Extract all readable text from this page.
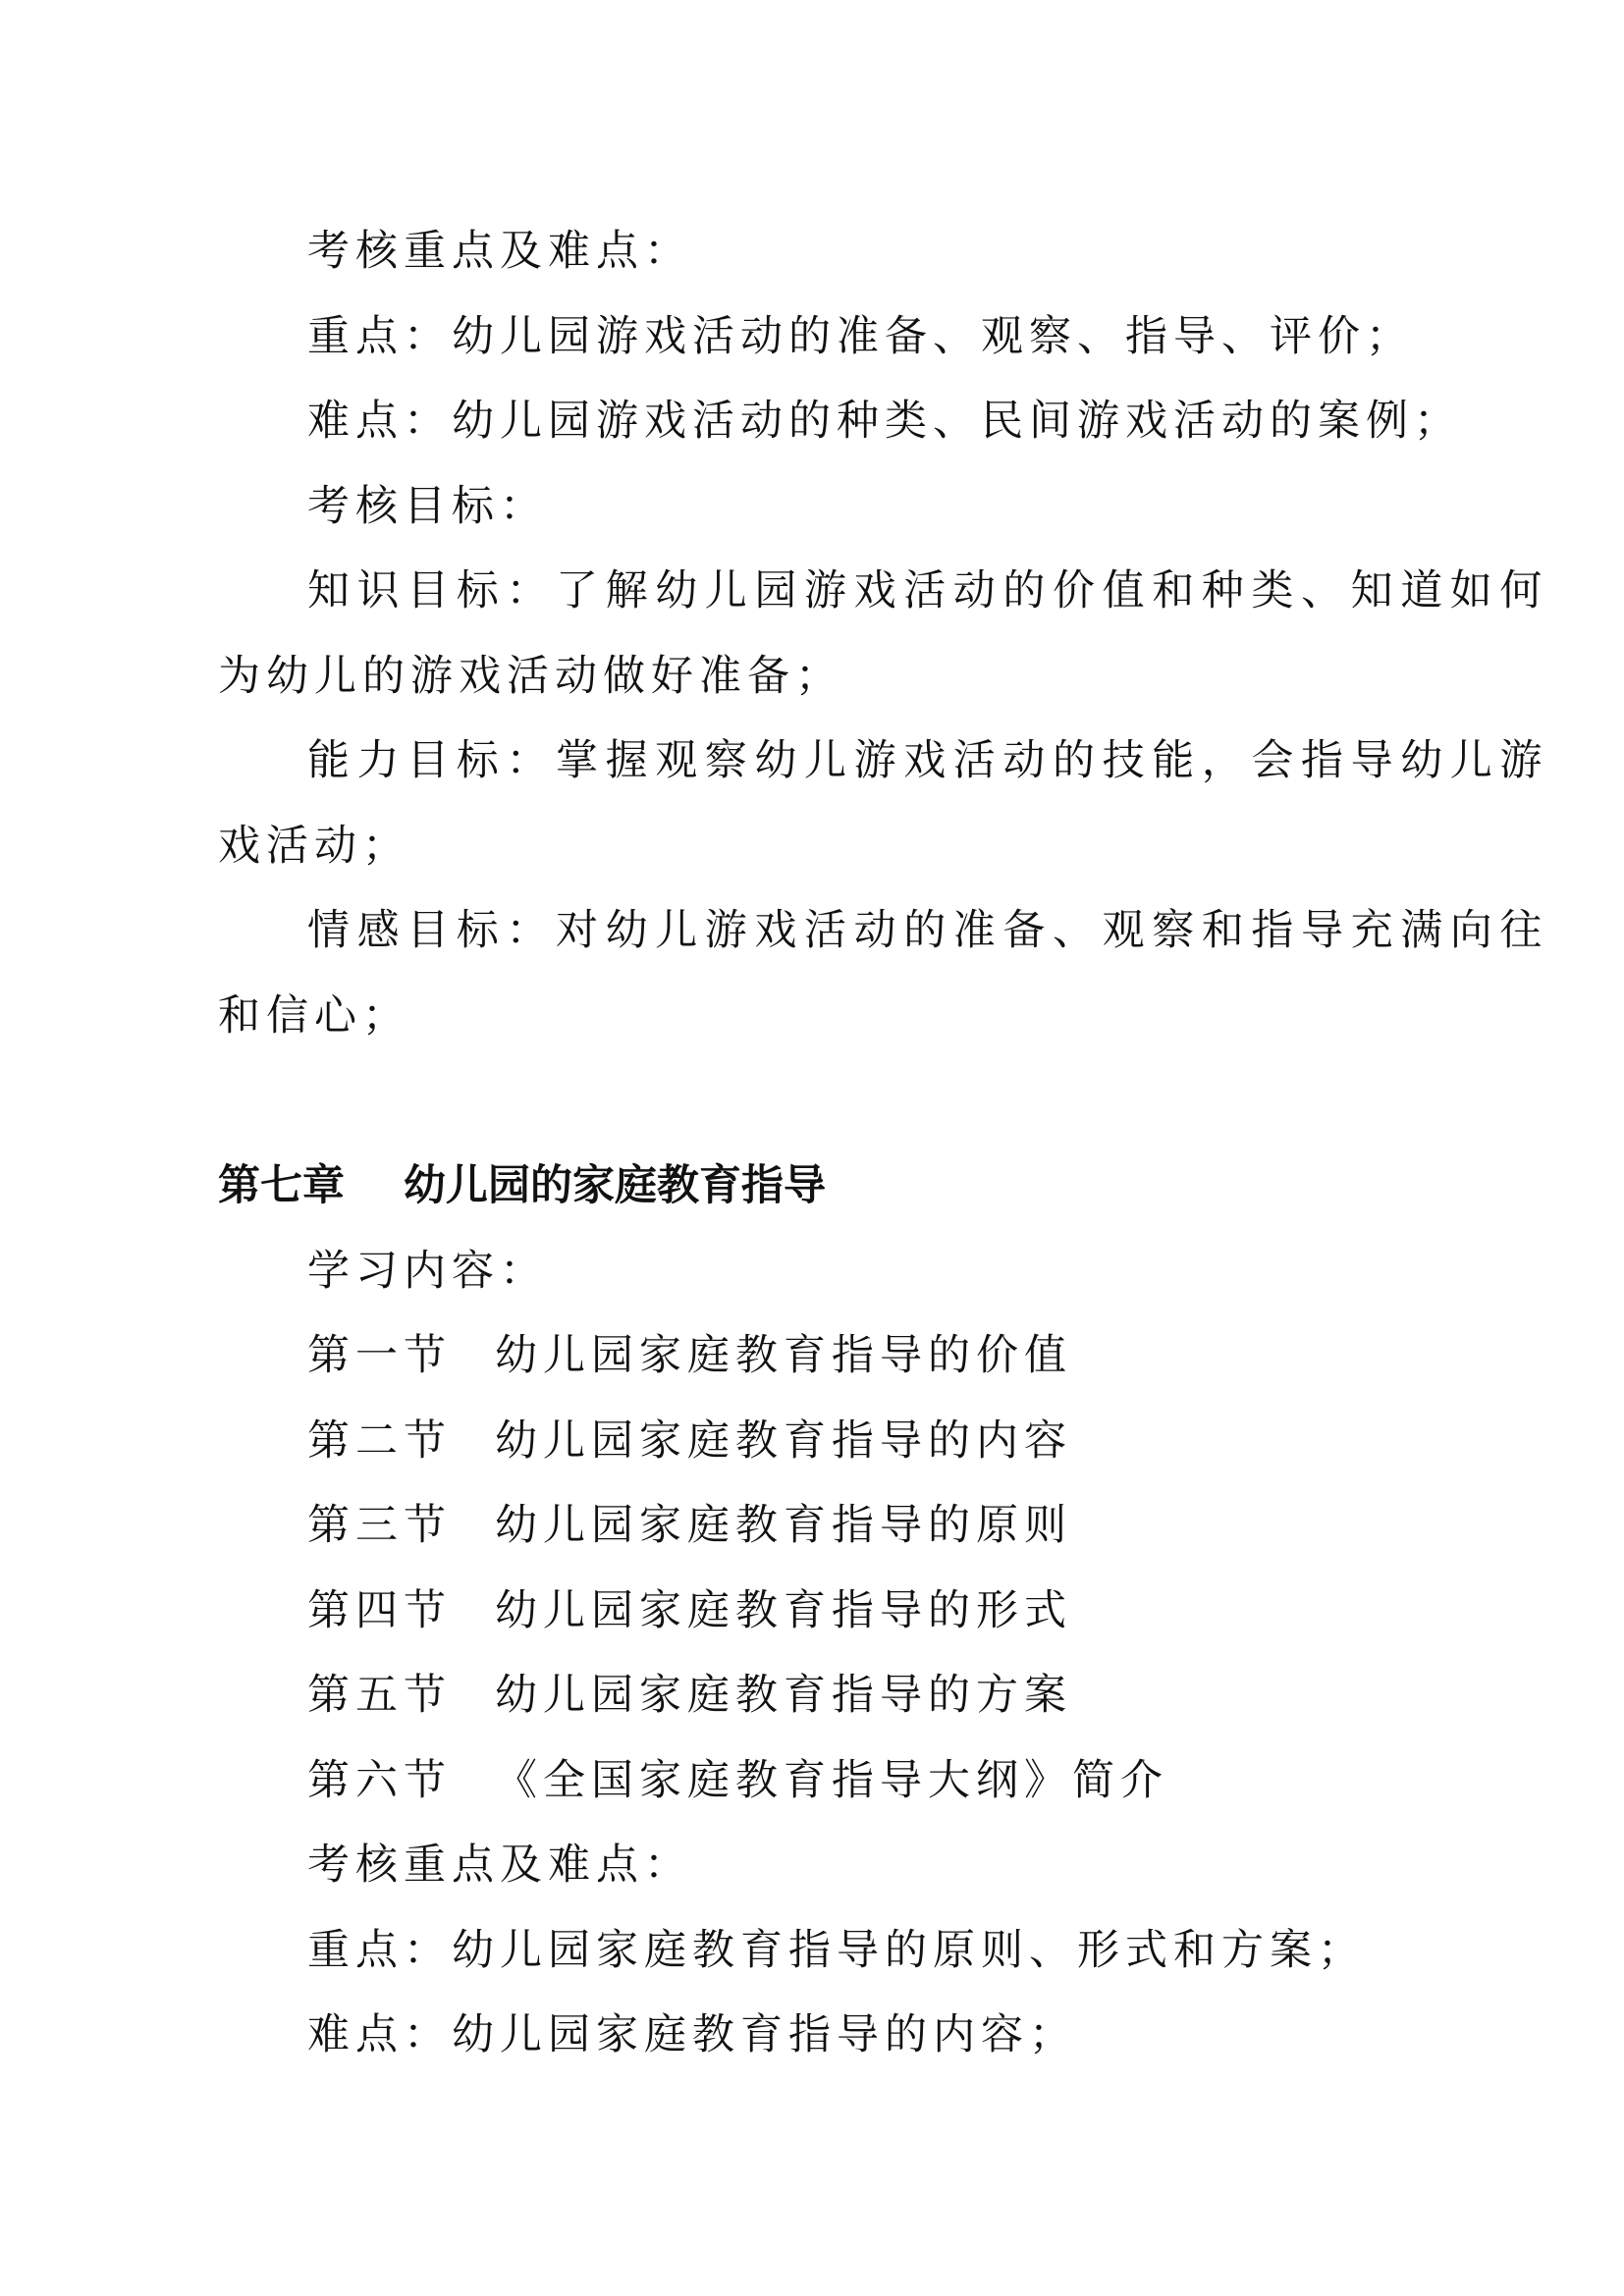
考核重点及难点：
重点：幼儿园游戏活动的准备、观察、指导、评价；
难点：幼儿园游戏活动的种类、民间游戏活动的案例；
考核目标：
知识目标：了解幼儿园游戏活动的价值和种类、知道如何
为幼儿的游戏活动做好准备；
能力目标：掌握观察幼儿游戏活动的技能，会指导幼儿游
戏活动；
情感目标：对幼儿游戏活动的准备、观察和指导充满向往
和信心；
第七章 幼儿园的家庭教育指导
学习内容：
第一节 幼儿园家庭教育指导的价值
第二节 幼儿园家庭教育指导的内容
第三节 幼儿园家庭教育指导的原则
第四节 幼儿园家庭教育指导的形式
第五节 幼儿园家庭教育指导的方案
第六节 《全国家庭教育指导大纲》简介
考核重点及难点：
重点：幼儿园家庭教育指导的原则、形式和方案；
难点：幼儿园家庭教育指导的内容；
